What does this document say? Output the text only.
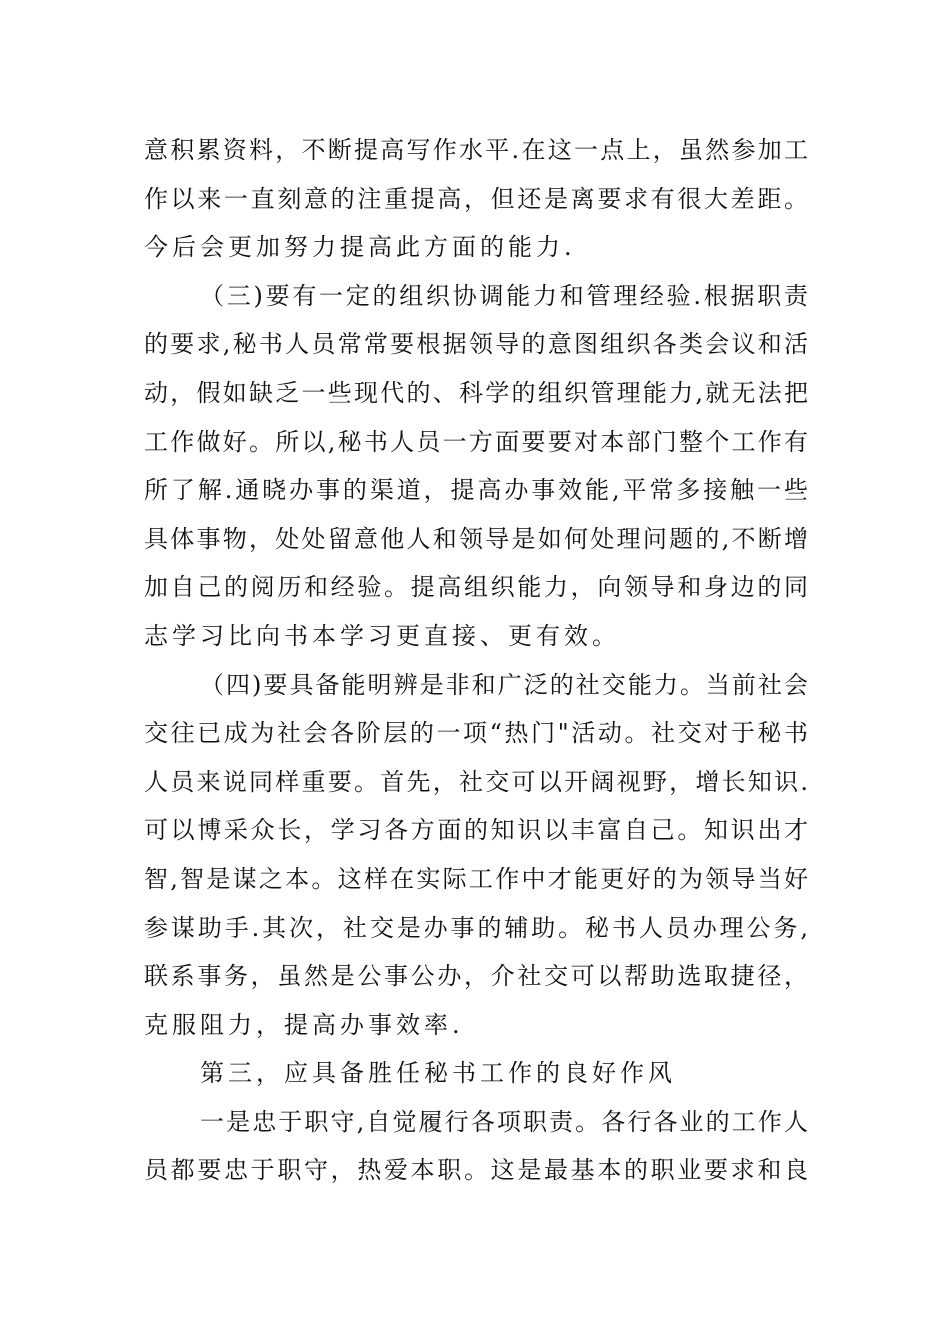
意积累资料，不断提高写作水平.在这一点上，虽然参加工
作以来一直刻意的注重提高，但还是离要求有很大差距。
今后会更加努力提高此方面的能力.
（三)要有一定的组织协调能力和管理经验.根据职责
的要求,秘书人员常常要根据领导的意图组织各类会议和活
动，假如缺乏一些现代的、科学的组织管理能力,就无法把
工作做好。所以,秘书人员一方面要要对本部门整个工作有
所了解.通晓办事的渠道，提高办事效能,平常多接触一些
具体事物，处处留意他人和领导是如何处理问题的,不断增
加自己的阅历和经验。提高组织能力，向领导和身边的同
志学习比向书本学习更直接、更有效。
（四)要具备能明辨是非和广泛的社交能力。当前社会
交往已成为社会各阶层的一项“热门"活动。社交对于秘书
人员来说同样重要。首先，社交可以开阔视野，增长知识.
可以博采众长，学习各方面的知识以丰富自己。知识出才
智,智是谋之本。这样在实际工作中才能更好的为领导当好
参谋助手.其次，社交是办事的辅助。秘书人员办理公务,
联系事务，虽然是公事公办，介社交可以帮助选取捷径，
克服阻力，提高办事效率.
第三，应具备胜任秘书工作的良好作风
一是忠于职守,自觉履行各项职责。各行各业的工作人
员都要忠于职守，热爱本职。这是最基本的职业要求和良
